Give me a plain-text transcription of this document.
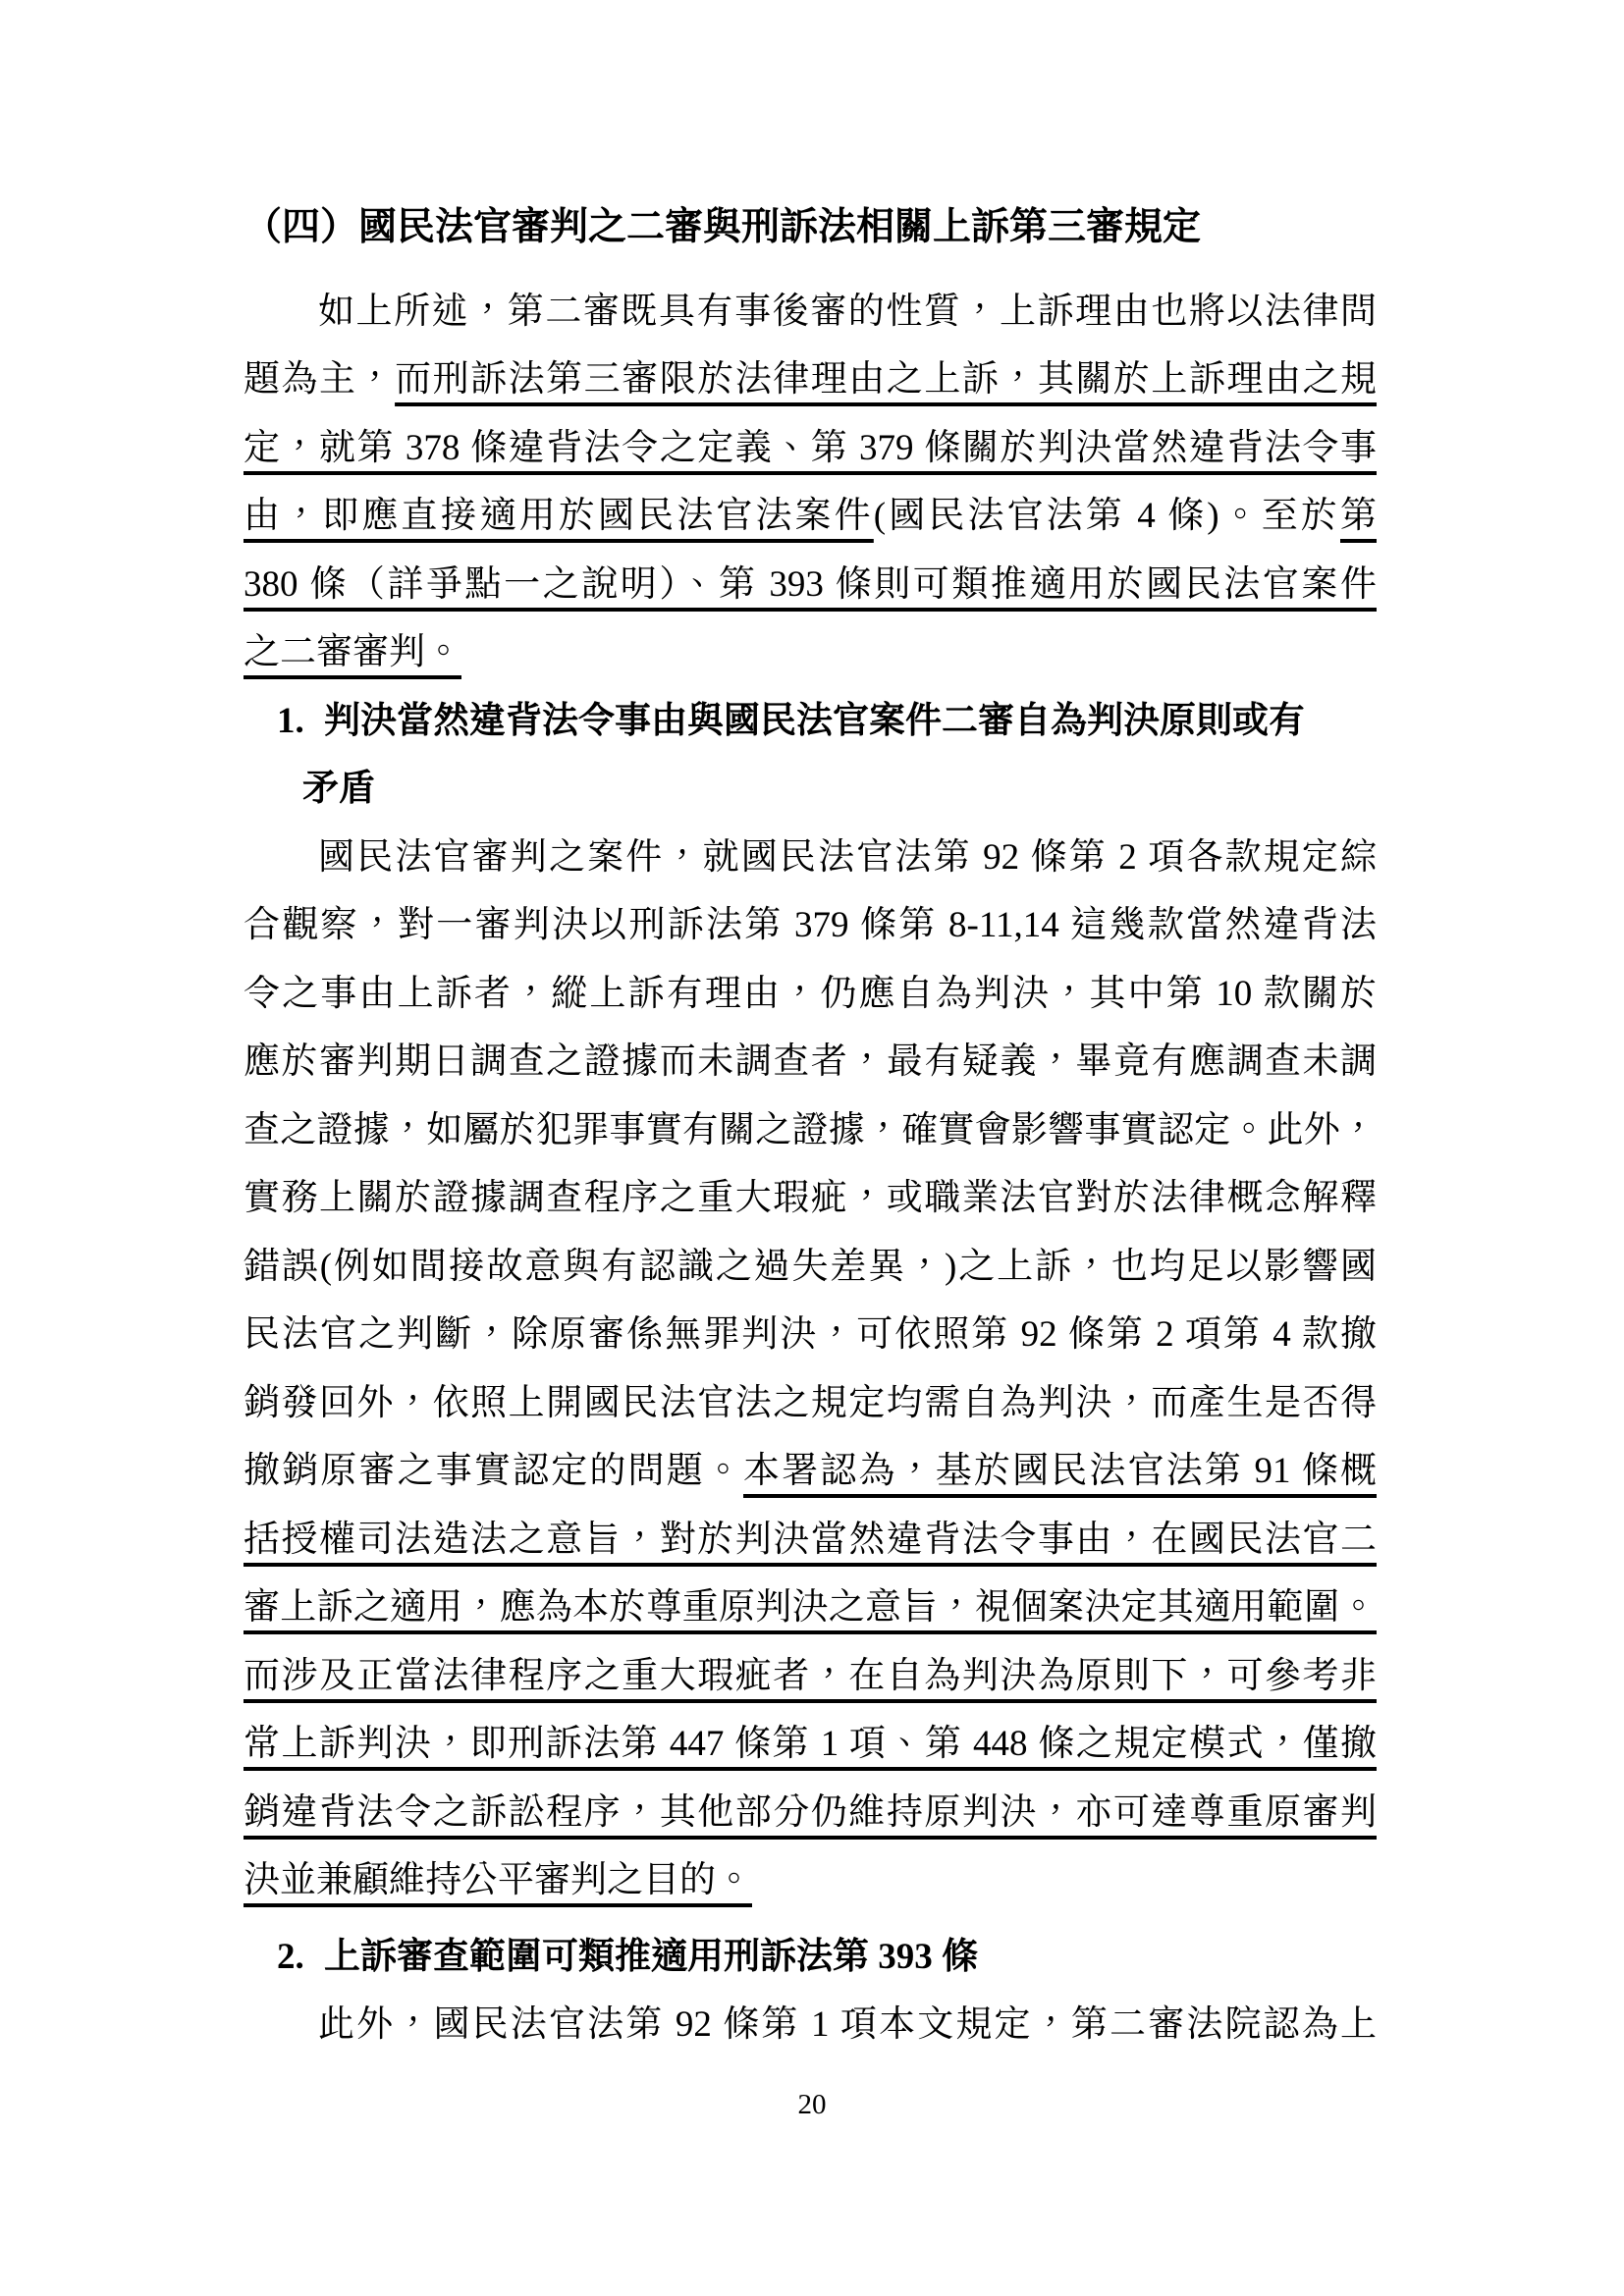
（四）國民法官審判之二審與刑訴法相關上訴第三審規定
如上所述，第二審既具有事後審的性質，上訴理由也將以法律問
題為主，而刑訴法第三審限於法律理由之上訴，其關於上訴理由之規
定，就第 378 條違背法令之定義、第 379 條關於判決當然違背法令事
由，即應直接適用於國民法官法案件(國民法官法第 4 條)。至於第
380 條（詳爭點一之說明）、第 393 條則可類推適用於國民法官案件
之二審審判。
1. 判決當然違背法令事由與國民法官案件二審自為判決原則或有
矛盾
國民法官審判之案件，就國民法官法第 92 條第 2 項各款規定綜
合觀察，對一審判決以刑訴法第 379 條第 8-11,14 這幾款當然違背法
令之事由上訴者，縱上訴有理由，仍應自為判決，其中第 10 款關於
應於審判期日調查之證據而未調查者，最有疑義，畢竟有應調查未調
查之證據，如屬於犯罪事實有關之證據，確實會影響事實認定。此外，
實務上關於證據調查程序之重大瑕疵，或職業法官對於法律概念解釋
錯誤(例如間接故意與有認識之過失差異，)之上訴，也均足以影響國
民法官之判斷，除原審係無罪判決，可依照第 92 條第 2 項第 4 款撤
銷發回外，依照上開國民法官法之規定均需自為判決，而產生是否得
撤銷原審之事實認定的問題。本署認為，基於國民法官法第 91 條概
括授權司法造法之意旨，對於判決當然違背法令事由，在國民法官二
審上訴之適用，應為本於尊重原判決之意旨，視個案決定其適用範圍。
而涉及正當法律程序之重大瑕疵者，在自為判決為原則下，可參考非
常上訴判決，即刑訴法第 447 條第 1 項、第 448 條之規定模式，僅撤
銷違背法令之訴訟程序，其他部分仍維持原判決，亦可達尊重原審判
決並兼顧維持公平審判之目的。
2. 上訴審查範圍可類推適用刑訴法第 393 條
此外，國民法官法第 92 條第 1 項本文規定，第二審法院認為上
20
